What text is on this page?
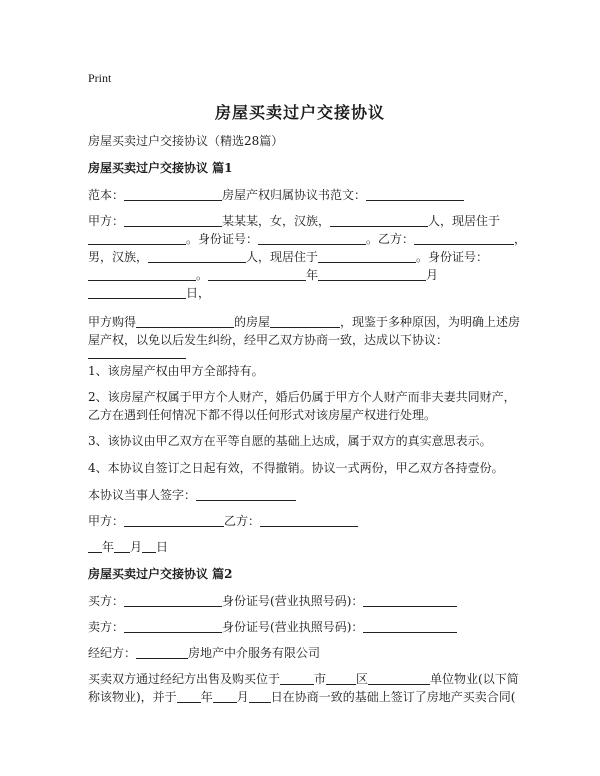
Print
房屋买卖过户交接协议
房屋买卖过户交接协议（精选28篇）
房屋买卖过户交接协议 篇1
范本：	房屋产权归属协议书范文：
甲方：	某某某，女，汉族，	人，现居住于
。身份证号：	。乙方：	，
男，汉族，	人，现居住于	。身份证号：
。	年	月
日，
甲方购得	的房屋	，现鉴于多种原因，为明确上述房
屋产权，以免以后发生纠纷，经甲乙双方协商一致，达成以下协议：
1、该房屋产权由甲方全部持有。
2、该房屋产权属于甲方个人财产，婚后仍属于甲方个人财产而非夫妻共同财产，
乙方在遇到任何情况下都不得以任何形式对该房屋产权进行处理。
3、该协议由甲乙双方在平等自愿的基础上达成，属于双方的真实意思表示。
4、本协议自签订之日起有效，不得撤销。协议一式两份，甲乙双方各持壹份。
本协议当事人签字：
甲方：	乙方：
年 月 日
房屋买卖过户交接协议 篇2
买方：	身份证号(营业执照号码)：
卖方：	身份证号(营业执照号码)：
经纪方：	房地产中介服务有限公司
买卖双方通过经纪方出售及购买位于	市	区	单位物业(以下简
称该物业)，并于 年 月 日在协商一致的基础上签订了房地产买卖合同(
